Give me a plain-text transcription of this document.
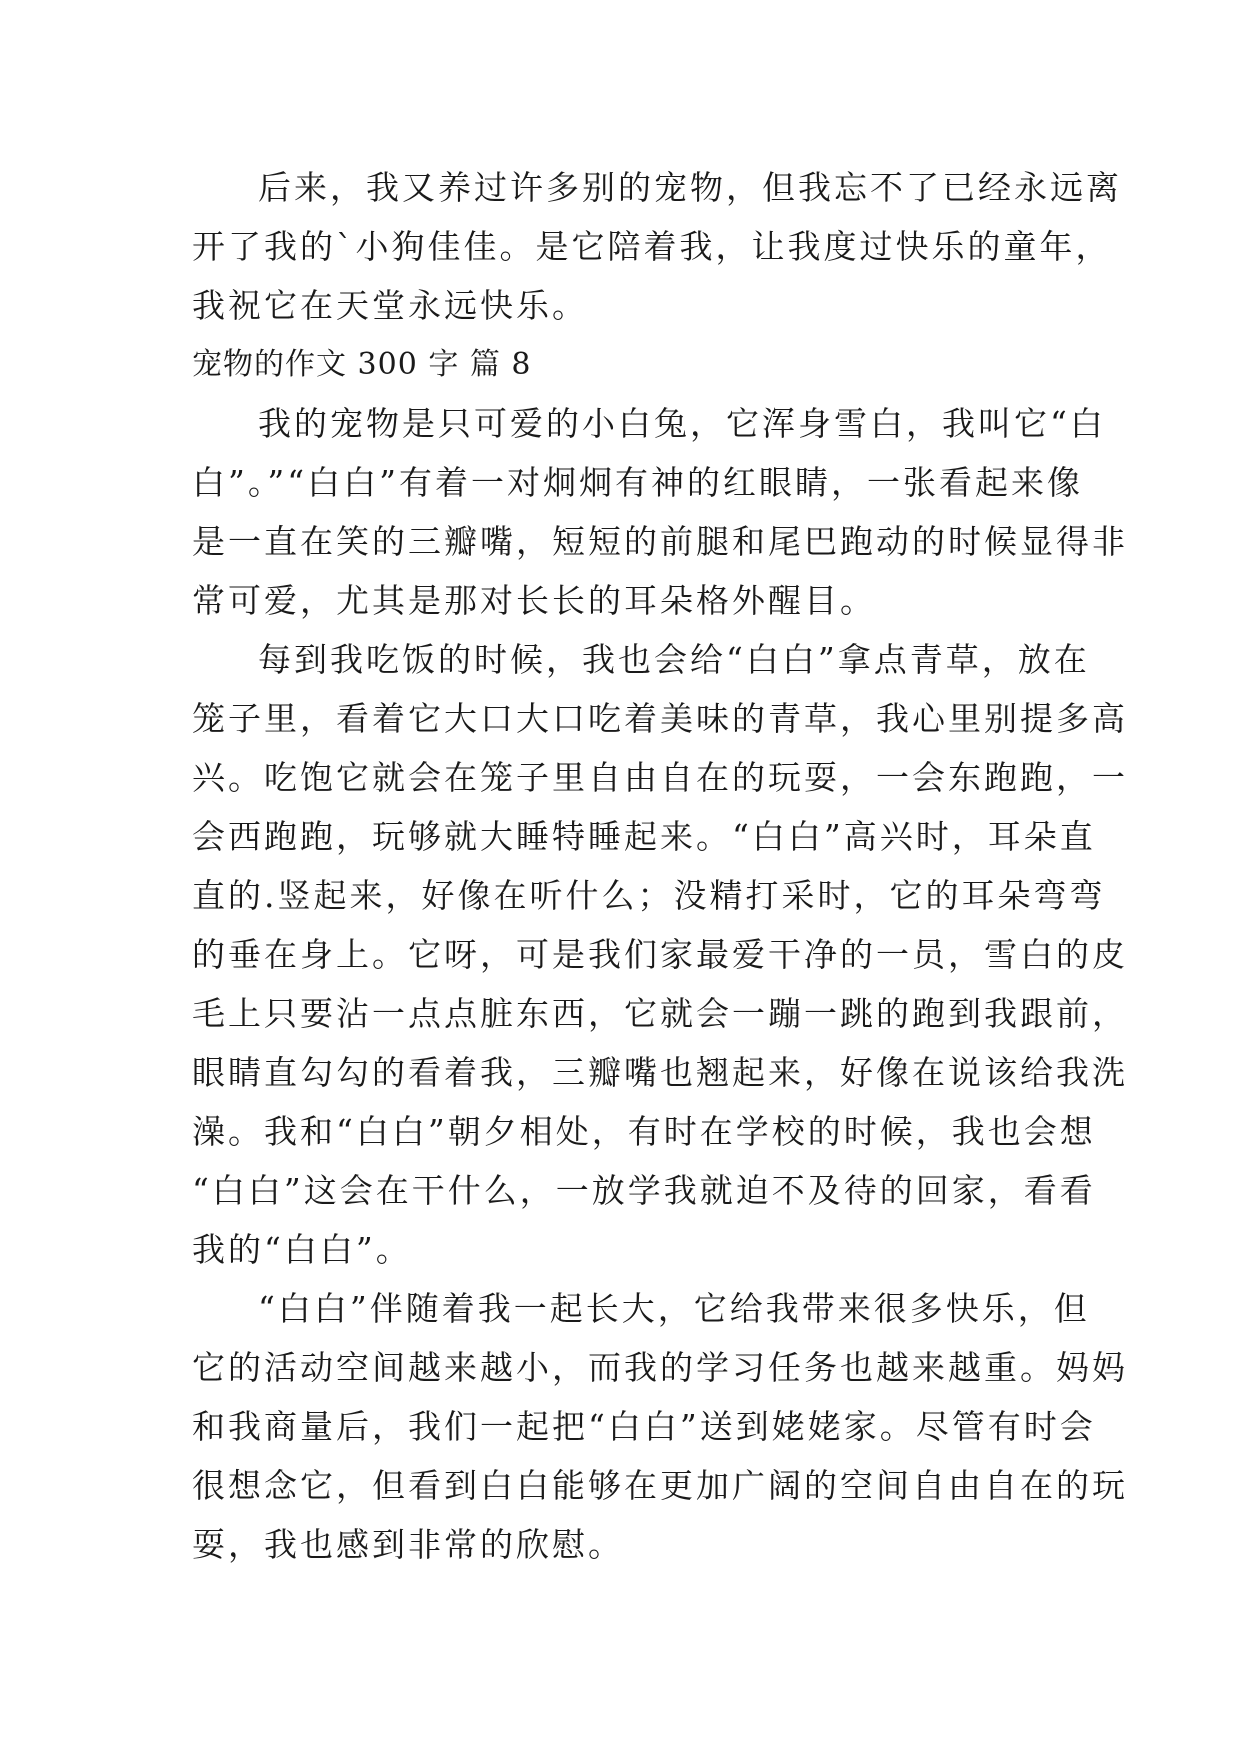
后来，我又养过许多别的宠物，但我忘不了已经永远离
开了我的`小狗佳佳。是它陪着我，让我度过快乐的童年，
我祝它在天堂永远快乐。
宠物的作文 300 字 篇 8
我的宠物是只可爱的小白兔，它浑身雪白，我叫它“白
白”。”“白白”有着一对炯炯有神的红眼睛，一张看起来像
是一直在笑的三瓣嘴，短短的前腿和尾巴跑动的时候显得非
常可爱，尤其是那对长长的耳朵格外醒目。
每到我吃饭的时候，我也会给“白白”拿点青草，放在
笼子里，看着它大口大口吃着美味的青草，我心里别提多高
兴。吃饱它就会在笼子里自由自在的玩耍，一会东跑跑，一
会西跑跑，玩够就大睡特睡起来。“白白”高兴时，耳朵直
直的.竖起来，好像在听什么；没精打采时，它的耳朵弯弯
的垂在身上。它呀，可是我们家最爱干净的一员，雪白的皮
毛上只要沾一点点脏东西，它就会一蹦一跳的跑到我跟前，
眼睛直勾勾的看着我，三瓣嘴也翘起来，好像在说该给我洗
澡。我和“白白”朝夕相处，有时在学校的时候，我也会想
“白白”这会在干什么，一放学我就迫不及待的回家，看看
我的“白白”。
“白白”伴随着我一起长大，它给我带来很多快乐，但
它的活动空间越来越小，而我的学习任务也越来越重。妈妈
和我商量后，我们一起把“白白”送到姥姥家。尽管有时会
很想念它，但看到白白能够在更加广阔的空间自由自在的玩
耍，我也感到非常的欣慰。
